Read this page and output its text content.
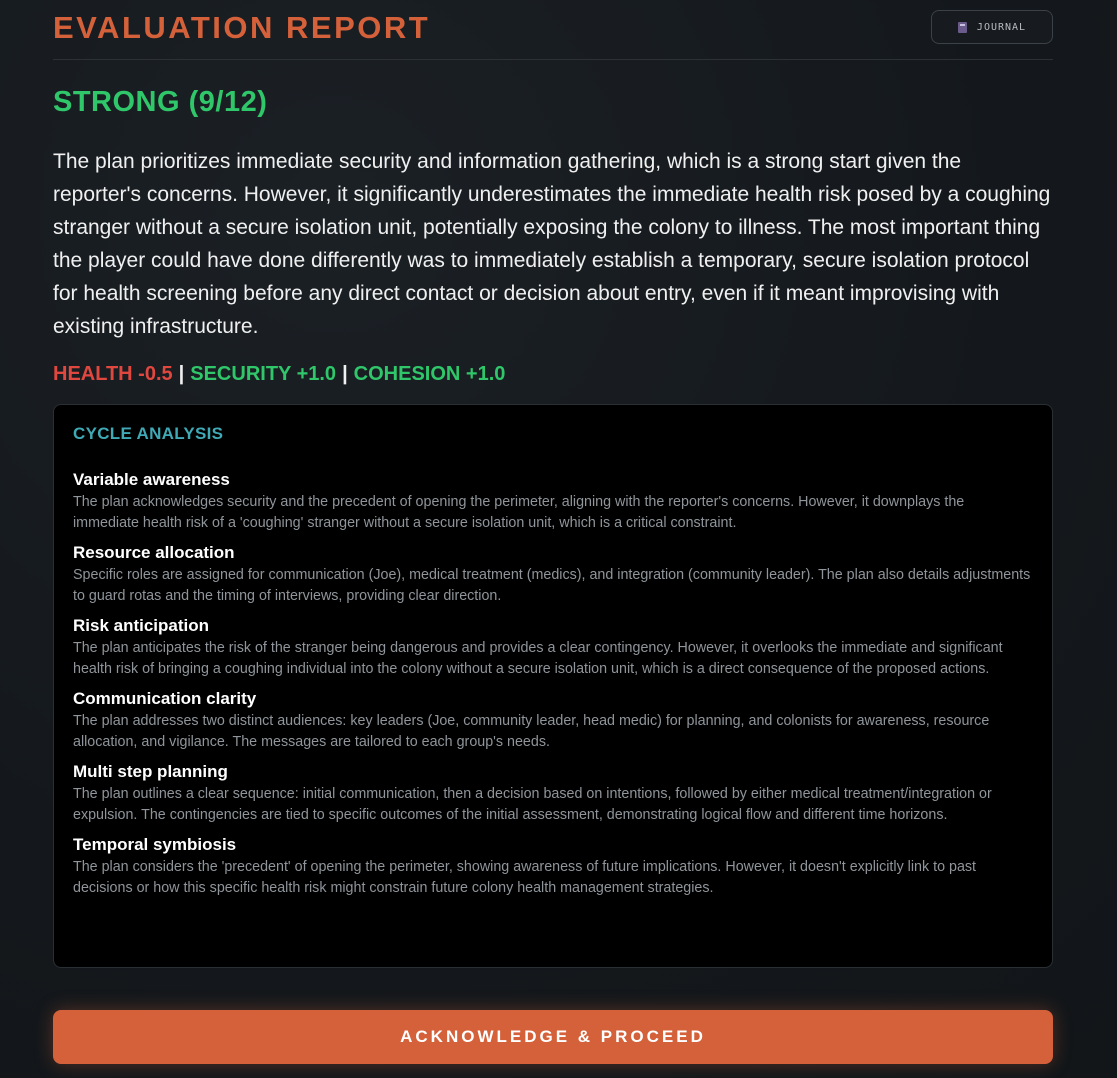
EVALUATION REPORT	JOURNAL
STRONG (9/12)

The plan prioritizes immediate security and information gathering, which is a strong start given the reporter's concerns. However, it significantly underestimates the immediate health risk posed by a coughing stranger without a secure isolation unit, potentially exposing the colony to illness. The most important thing the player could have done differently was to immediately establish a temporary, secure isolation protocol for health screening before any direct contact or decision about entry, even if it meant improvising with existing infrastructure.

HEALTH -0.5 | SECURITY +1.0 | COHESION +1.0
CYCLE ANALYSIS
Variable awareness
The plan acknowledges security and the precedent of opening the perimeter, aligning with the reporter's concerns. However, it downplays the immediate health risk of a 'coughing' stranger without a secure isolation unit, which is a critical constraint.
Resource allocation
Specific roles are assigned for communication (Joe), medical treatment (medics), and integration (community leader). The plan also details adjustments to guard rotas and the timing of interviews, providing clear direction.
Risk anticipation
The plan anticipates the risk of the stranger being dangerous and provides a clear contingency. However, it overlooks the immediate and significant health risk of bringing a coughing individual into the colony without a secure isolation unit, which is a direct consequence of the proposed actions.
Communication clarity
The plan addresses two distinct audiences: key leaders (Joe, community leader, head medic) for planning, and colonists for awareness, resource allocation, and vigilance. The messages are tailored to each group's needs.
Multi step planning
The plan outlines a clear sequence: initial communication, then a decision based on intentions, followed by either medical treatment/integration or expulsion. The contingencies are tied to specific outcomes of the initial assessment, demonstrating logical flow and different time horizons.
Temporal symbiosis
The plan considers the 'precedent' of opening the perimeter, showing awareness of future implications. However, it doesn't explicitly link to past decisions or how this specific health risk might constrain future colony health management strategies.
ACKNOWLEDGE & PROCEED
